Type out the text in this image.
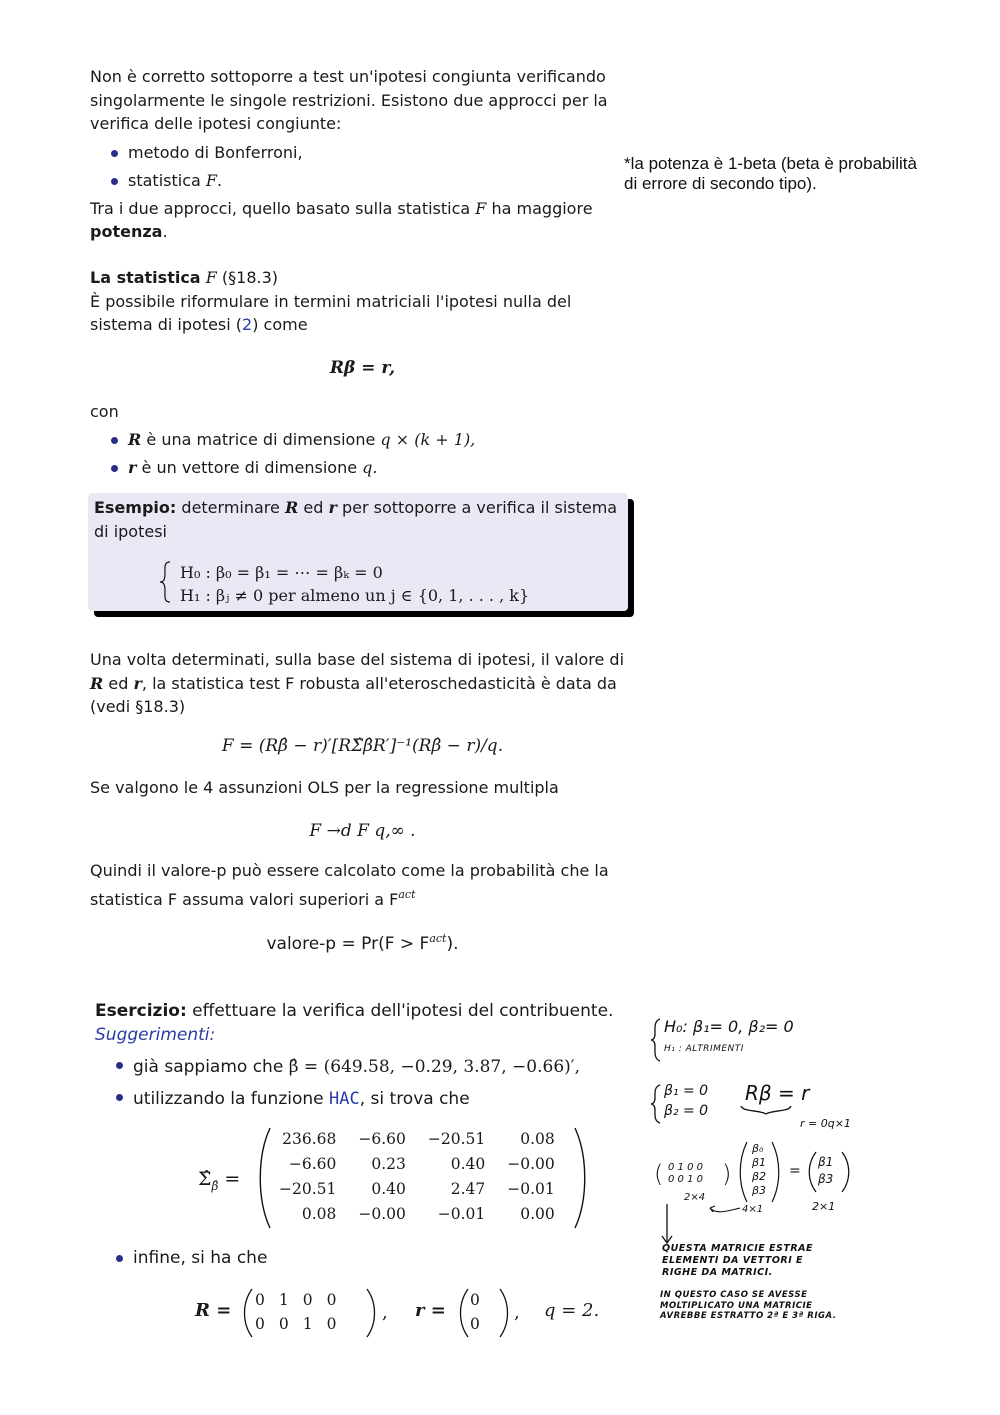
Non è corretto sottoporre a test un'ipotesi congiunta verificando

singolarmente le singole restrizioni. Esistono due approcci per la

verifica delle ipotesi congiunte:

metodo di Bonferroni,
statistica F.

Tra i due approcci, quello basato sulla statistica F ha maggiore

potenza.

*la potenza è 1-beta (beta è probabilità di errore di secondo tipo).

La statistica F (§18.3)

È possibile riformulare in termini matriciali l'ipotesi nulla del

sistema di ipotesi (2) come

Rβ = r,

con

R è una matrice di dimensione q × (k + 1),
r è un vettore di dimensione q.

Esempio: determinare R ed r per sottoporre a verifica il sistema

di ipotesi

H₀ : β₀ = β₁ = ⋯ = βₖ = 0
H₁ : βⱼ ≠ 0 per almeno un j ∈ {0, 1, . . . , k}

Una volta determinati, sulla base del sistema di ipotesi, il valore di

R ed r, la statistica test F robusta all'eteroschedasticità è data da

(vedi §18.3)

F = (Rβ̂ − r)′[RΣ̂β̂R′]⁻¹(Rβ̂ − r)/q.

Se valgono le 4 assunzioni OLS per la regressione multipla

F →d F q,∞ .

Quindi il valore-p può essere calcolato come la probabilità che la

statistica F assuma valori superiori a $F^{act}$

valore-p = $Pr(F > F^{act})$.

Esercizio: effettuare la verifica dell'ipotesi del contribuente.

Suggerimenti:

già sappiamo che β̂ = (649.58, −0.29, 3.87, −0.66)′,
utilizzando la funzione HAC, si trova che
$\Sigmâ_{\betâ}$ =
236.68	−6.60	−20.51	0.08
−6.60	0.23	0.40	−0.00
−20.51	0.40	2.47	−0.01
0.08	−0.00	−0.01	0.00
infine, si ha che
R = 0	1	0	0
0	0	1	0
, r = 0
0
, q = 2.
H₀: β₁= 0, β₂= 0
H₁ : ALTRIMENTI
β₁ = 0
β₂ = 0
Rβ = r
r = 0q×1
( 0 1 0 0
0 0 1 0 )
β₀
β1
β2
β3
=
β1
β3
2×4
4×1	2×1
QUESTA MATRICIE ESTRAE
ELEMENTI DA VETTORI E
RIGHE DA MATRICI.
IN QUESTO CASO SE AVESSE
MOLTIPLICATO UNA MATRICIE
AVREBBE ESTRATTO 2ª E 3ª RIGA.
